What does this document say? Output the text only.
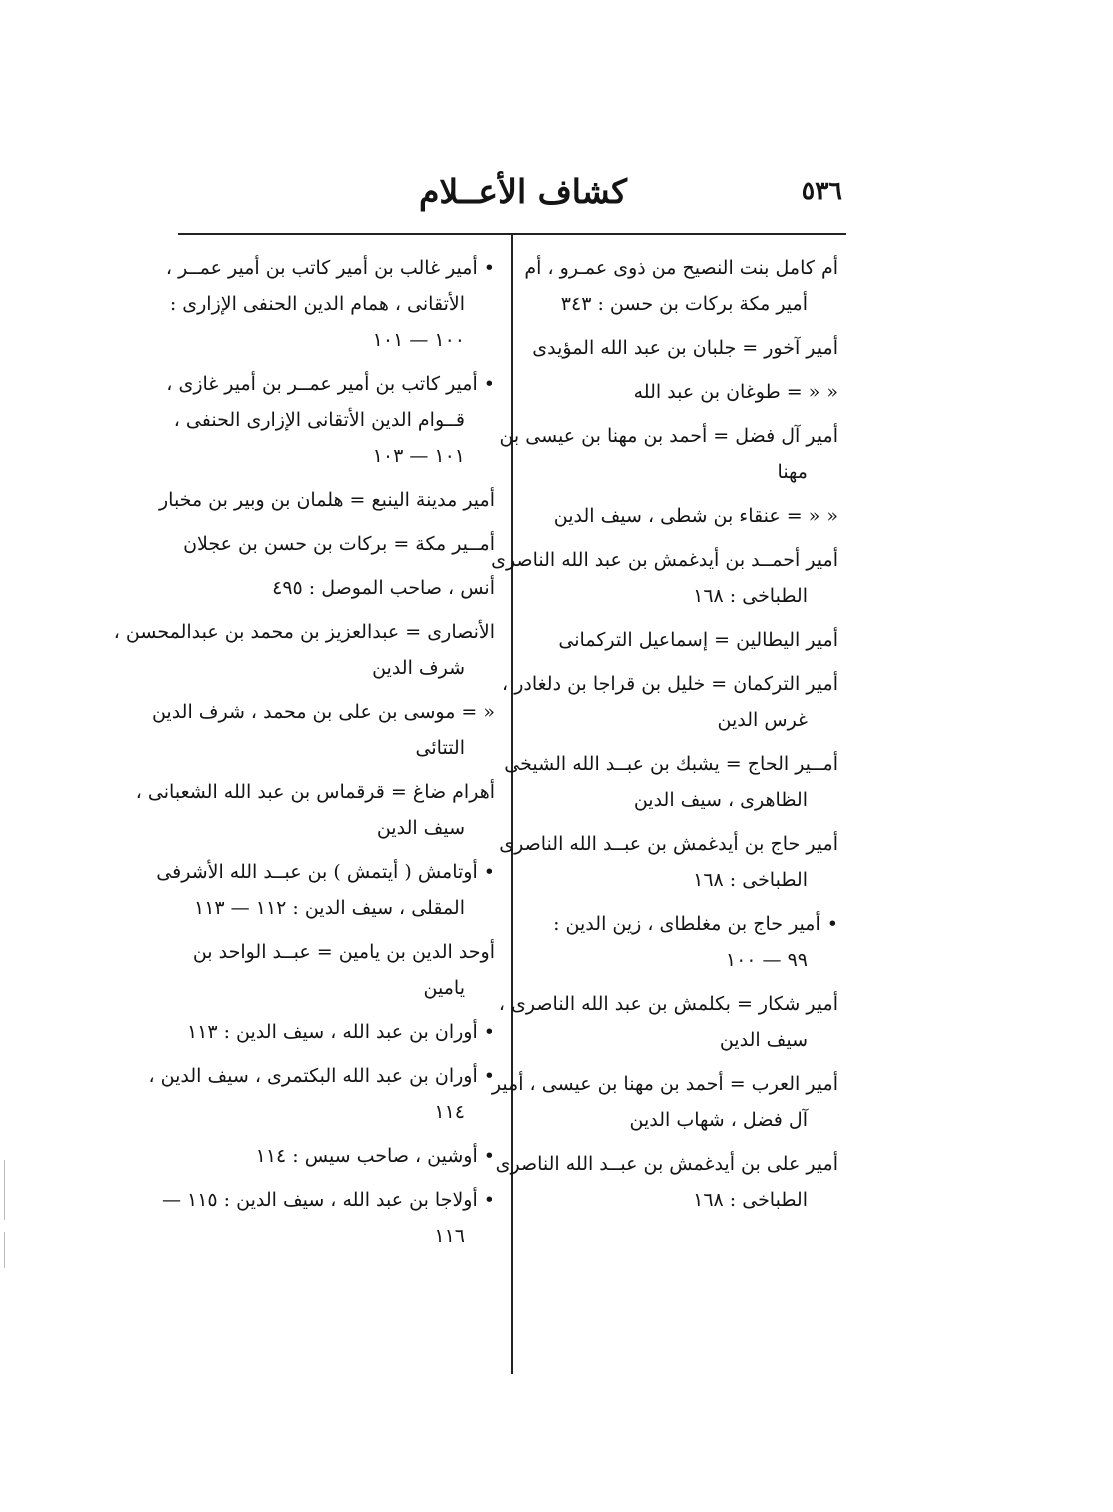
٥٣٦
كشاف الأعــلام
أم كامل بنت النصيح من ذوى عمـرو ، أم
أمير مكة بركات بن حسن : ٣٤٣
أمير آخور = جلبان بن عبد الله المؤيدى
« « = طوغان بن عبد الله
أمير آل فضل = أحمد بن مهنا بن عيسى بن
مهنا
« « = عنقاء بن شطى ، سيف الدين
أمير أحمــد بن أيدغمش بن عبد الله الناصرى
الطباخى : ١٦٨
أمير اليطالين = إسماعيل التركمانى
أمير التركمان = خليل بن قراجا بن دلغادر ،
غرس الدين
أمــير الحاج = يشبك بن عبــد الله الشيخى
الظاهرى ، سيف الدين
أمير حاج بن أيدغمش بن عبــد الله الناصرى
الطباخى : ١٦٨
• أمير حاج بن مغلطاى ، زين الدين :
٩٩ — ١٠٠
أمير شكار = بكلمش بن عبد الله الناصرى ،
سيف الدين
أمير العرب = أحمد بن مهنا بن عيسى ، أمير
آل فضل ، شهاب الدين
أمير على بن أيدغمش بن عبــد الله الناصرى
الطباخى : ١٦٨
• أمير غالب بن أمير كاتب بن أمير عمــر ،
الأتقانى ، همام الدين الحنفى الإزارى :
١٠٠ — ١٠١
• أمير كاتب بن أمير عمــر بن أمير غازى ،
قــوام الدين الأتقانى الإزارى الحنفى ،
١٠١ — ١٠٣
أمير مدينة الينبع = هلمان بن وبير بن مخبار
أمــير مكة = بركات بن حسن بن عجلان
أنس ، صاحب الموصل : ٤٩٥
الأنصارى = عبدالعزيز بن محمد بن عبدالمحسن ،
شرف الدين
« = موسى بن على بن محمد ، شرف الدين
التتائى
أهرام ضاغ = قرقماس بن عبد الله الشعبانى ،
سيف الدين
• أوتامش ( أيتمش ) بن عبــد الله الأشرفى
المقلى ، سيف الدين : ١١٢ — ١١٣
أوحد الدين بن يامين = عبــد الواحد بن
يامين
• أوران بن عبد الله ، سيف الدين : ١١٣
• أوران بن عبد الله البكتمرى ، سيف الدين ،
١١٤
• أوشين ، صاحب سيس : ١١٤
• أولاجا بن عبد الله ، سيف الدين : ١١٥ —
١١٦
